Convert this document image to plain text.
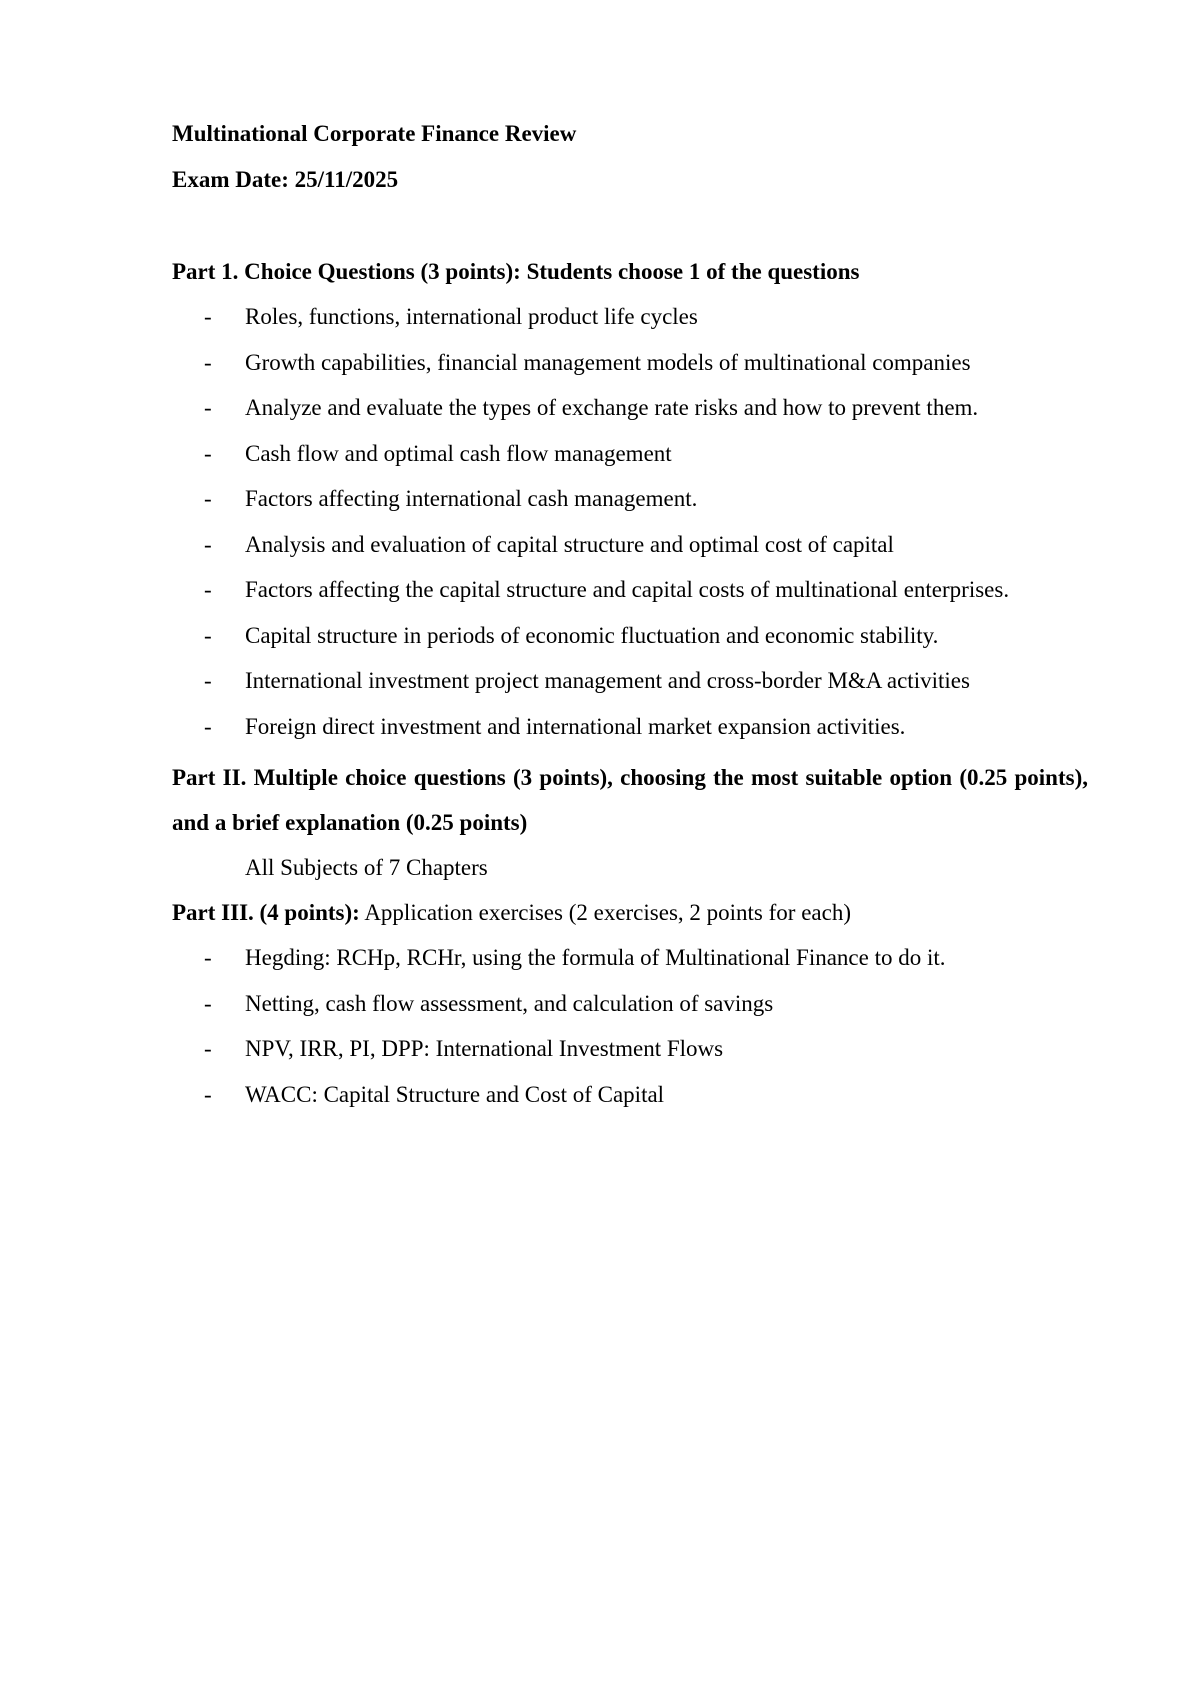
Multinational Corporate Finance Review

Exam Date: 25/11/2025

Part 1. Choice Questions (3 points): Students choose 1 of the questions

- Roles, functions, international product life cycles
- Growth capabilities, financial management models of multinational companies
- Analyze and evaluate the types of exchange rate risks and how to prevent them.
- Cash flow and optimal cash flow management
- Factors affecting international cash management.
- Analysis and evaluation of capital structure and optimal cost of capital
- Factors affecting the capital structure and capital costs of multinational enterprises.
- Capital structure in periods of economic fluctuation and economic stability.
- International investment project management and cross-border M&A activities
- Foreign direct investment and international market expansion activities.

Part II. Multiple choice questions (3 points), choosing the most suitable option (0.25 points), and a brief explanation (0.25 points)

All Subjects of 7 Chapters

Part III. (4 points): Application exercises (2 exercises, 2 points for each)

- Hegding: RCHp, RCHr, using the formula of Multinational Finance to do it.
- Netting, cash flow assessment, and calculation of savings
- NPV, IRR, PI, DPP: International Investment Flows
- WACC: Capital Structure and Cost of Capital
